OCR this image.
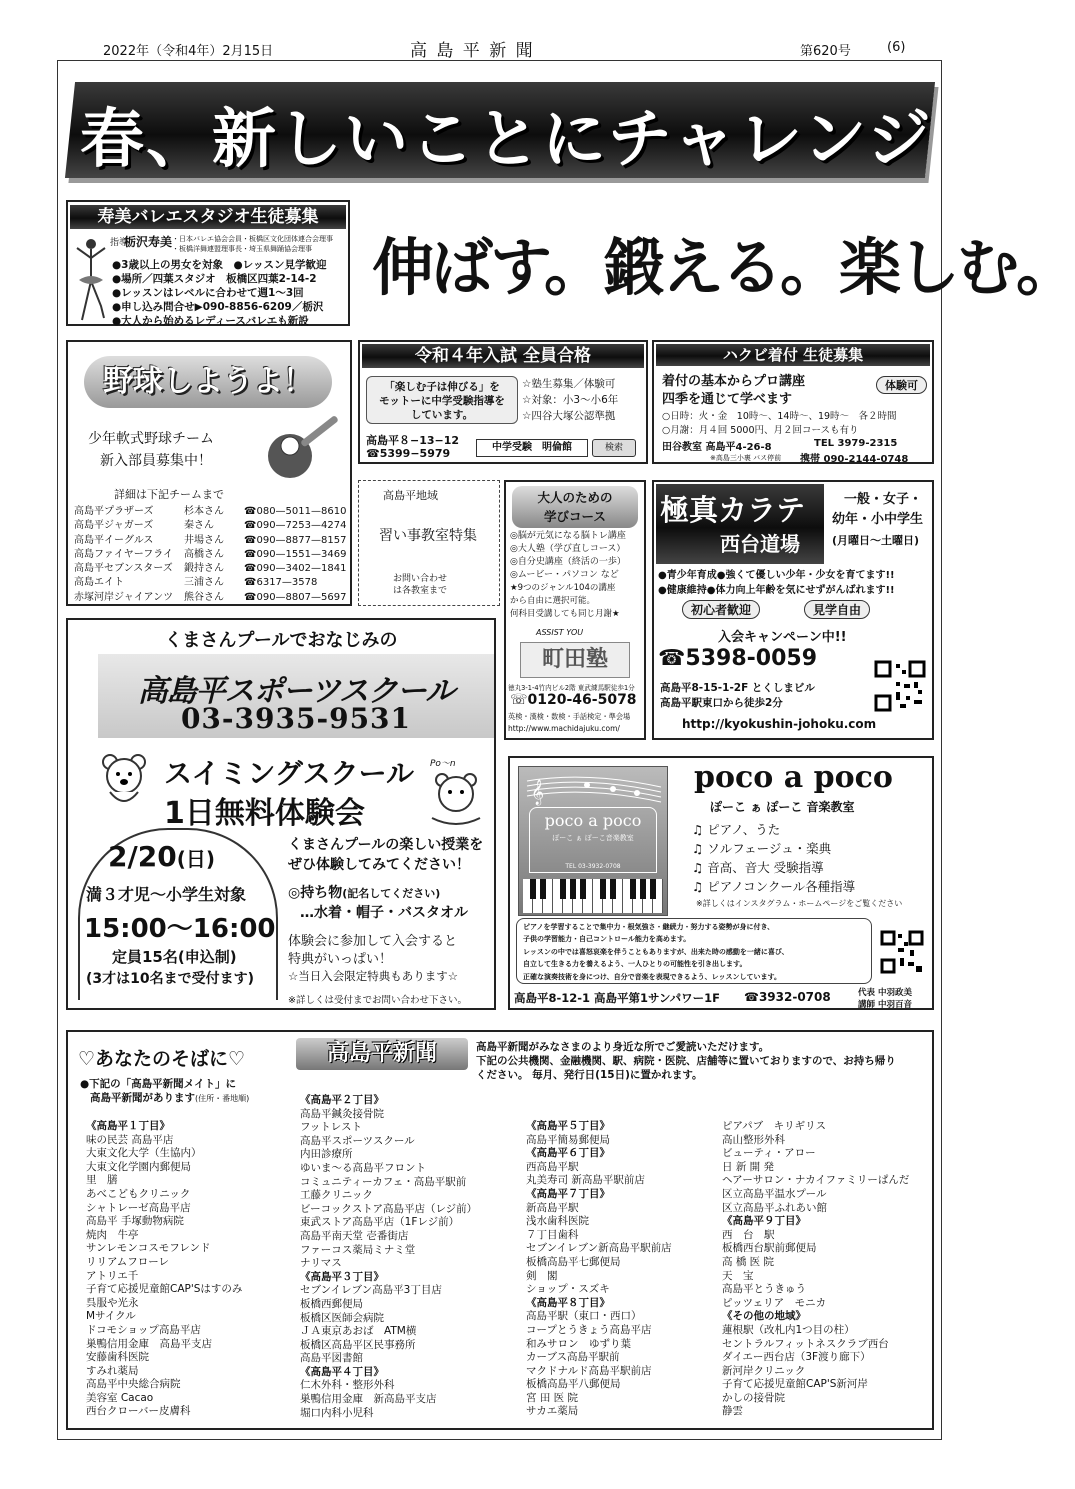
2022年（令和4年）2月15日	高 島 平 新 聞	第620号	(6)
春、新しいことにチャレンジ
寿美バレエスタジオ生徒募集
指導
栃沢寿美 ・日本バレエ協会会員・板橋区文化団体連合会理事
・板橋洋舞連盟理事長・埼玉県舞踊協会理事
●3歳以上の男女を対象　●レッスン見学歓迎
●場所／四葉スタジオ　板橋区四葉2-14-2
●レッスンはレベルに合わせて週1〜3回
●申し込み問合せ▶090-8856-6209／栃沢
●大人から始めるレディースバレエも新設
伸ばす。鍛える。楽しむ。
野球しようよ！
少年軟式野球チーム
新入部員募集中！
詳細は下記チームまで
高島平プラザーズ	杉本さん ☎080—5011—8610
高島平ジャガーズ	秦さん	☎090—7253—4274
高島平イーグルス	井場さん ☎090—8877—8157
高島ファイヤーフライ 高橋さん ☎090—1551—3469
高島平セブンスターズ 鍛持さん ☎090—3402—1841
高島エイト	三浦さん ☎6317—3578
赤塚河岸ジャイアンツ 熊谷さん ☎090—8807—5697
令和４年入試 全員合格
「楽しむ子は伸びる」を
モットーに中学受験指導を
しています。
☆塾生募集／体験可
☆対象：小3〜小6年
☆四谷大塚公認準拠
高島平８−13−12
☎5399−5979	中学受験　明倫館	検索
ハクビ着付 生徒募集
着付の基本からプロ講座
四季を通じて学べます
体験可
○日時：火・金　10時〜、14時〜、19時〜　各２時間
○月謝：月４回 5000円、月２回コースも有り
田谷教室 高島平4-26-8	TEL 3979-2315
※高島三小裏 バス停前 携帯 090-2144-0748
高島平地域
習い事教室特集
お問い合わせ
は各教室まで
大人のための
学びコース
◎脳が元気になる脳トレ講座
◎大人塾（学び直しコース）
◎自分史講座（終活の一歩）
◎ムービー・パソコン など
★9つのジャンル104の講座
から自由に選択可能。
何科目受講しても同じ月謝★
ASSIST YOU
町田塾
徳丸3-1-4竹内ビル2階 東武練馬駅徒歩1分
☏0120-46-5078
英検・漢検・数検・手話検定・準会場
http://www.machidajuku.com/
極真カラテ
西台道場
一般・女子・
幼年・小中学生
(月曜日〜土曜日)
●青少年育成●強くて優しい少年・少女を育てます!!
●健康維持●体力向上年齢を気にせずがんばれます!!
初心者歓迎	見学自由
入会キャンペーン中!!
☎5398-0059
高島平8-15-1-2F とくしまビル
高島平駅東口から徒歩2分
http://kyokushin-johoku.com
くまさんプールでおなじみの
高島平スポーツスクール
03-3935-9531
スイミングスクール
1日無料体験会
Po〜n
2/20(日)
満３才児〜小学生対象
15:00〜16:00
定員15名(申込制)
(3才は10名まで受付ます)
くまさんプールの楽しい授業を
ぜひ体験してみてください！
◎持ち物(記名してください)
…水着・帽子・バスタオル
体験会に参加して入会すると
特典がいっぱい！
☆当日入会限定特典もあります☆
※詳しくは受付までお問い合わせ下さい。
𝄞
poco a poco
ぽーこ ぁ ぽーこ音楽教室
TEL 03-3932-0708
poco a poco
ぽーこ ぁ ぽーこ 音楽教室
♫ ピアノ、うた
♫ ソルフェージュ・楽典
♫ 音高、音大 受験指導
♫ ピアノコンクール各種指導
※詳しくはインスタグラム・ホームページをご覧ください
ピアノを学習することで集中力・根気強さ・継続力・努力する姿勢が身に付き、
子供の学習能力・自己コントロール能力を高めます。
レッスンの中では喜怒哀楽を伴うこともありますが、出来た時の感動を一緒に喜び、
自立して生きる力を養えるよう、一人ひとりの可能性を引き出します。
正確な演奏技術を身につけ、自分で音楽を表現できるよう、レッスンしています。
高島平8-12-1 高島平第1サンパワー1F ☎3932-0708	代表 中羽政美
講師 中羽百音
♡あなたのそばに♡	高島平新聞	高島平新聞がみなさまのより身近な所でご愛読いただけます。
下記の公共機関、金融機関、駅、病院・医院、店舗等に置いておりますので、お持ち帰り
ください。 毎月、発行日(15日)に置かれます。
●下記の「高島平新聞メイト」に
高島平新聞があります(住所・番地順)
《高島平１丁目》
味の民芸 高島平店
大東文化大学（生協内）
大東文化学園内郵便局
里　膳
あべこどもクリニック
シャトレーゼ高島平店
高島平 手塚動物病院
焼肉　牛亭
サンレモンコスモフレンド
リリアムフローレ
アトリエ千
子育て応援児童館CAP'Sはすのみ
呉服や光永
Mサイクル
ドコモショップ高島平店
巣鴨信用金庫　高島平支店
安藤歯科医院
すみれ薬局
高島平中央総合病院
美容室 Cacao
西台クローバー皮膚科
《高島平２丁目》
高島平鍼灸接骨院
フットレスト
高島平スポーツスクール
内田診療所
ゆいま〜る高島平フロント
コミュニティーカフェ・高島平駅前
工藤クリニック
ビーコックストア高島平店（レジ前）
東武ストア高島平店（1Fレジ前）
高島平南天堂 壱番街店
ファーコス薬局ミナミ堂
ナリマス
《高島平３丁目》
セブンイレブン高島平3丁目店
板橋西郵便局
板橋区医師会病院
ＪＡ東京あおば　ATM横
板橋区高島平区民事務所
高島平図書館
《高島平４丁目》
仁木外科・整形外科
巣鴨信用金庫　新高島平支店
堀口内科小児科
《高島平５丁目》
高島平簡易郵便局
《高島平６丁目》
西高島平駅
丸美寿司 新高島平駅前店
《高島平７丁目》
新高島平駅
浅水歯科医院
７丁目歯科
セブンイレブン新高島平駅前店
板橋高島平七郵便局
剣　閣
ショップ・スズキ
《高島平８丁目》
高島平駅（東口・西口）
コープとうきょう高島平店
和みサロン　ゆずり葉
カーブス高島平駅前
マクドナルド高島平駅前店
板橋高島平八郵便局
宮 田 医 院
サカエ薬局
ピアパブ　キリギリス
高山整形外科
ビューティ・アロー
日 新 開 発
ヘアーサロン・ナカイファミリーぱんだ
区立高島平温水プール
区立高島平ふれあい館
《高島平９丁目》
西　台　駅
板橋西台駅前郵便局
高 橋 医 院
天　宝
高島平とうきゅう
ピッツェリア　モニカ
《その他の地域》
蓮根駅（改札内1つ目の柱）
セントラルフィットネスクラブ西台
ダイエー西台店（3F渡り廊下）
新河岸クリニック
子育て応援児童館CAP'S新河岸
かしの接骨院
静雲
